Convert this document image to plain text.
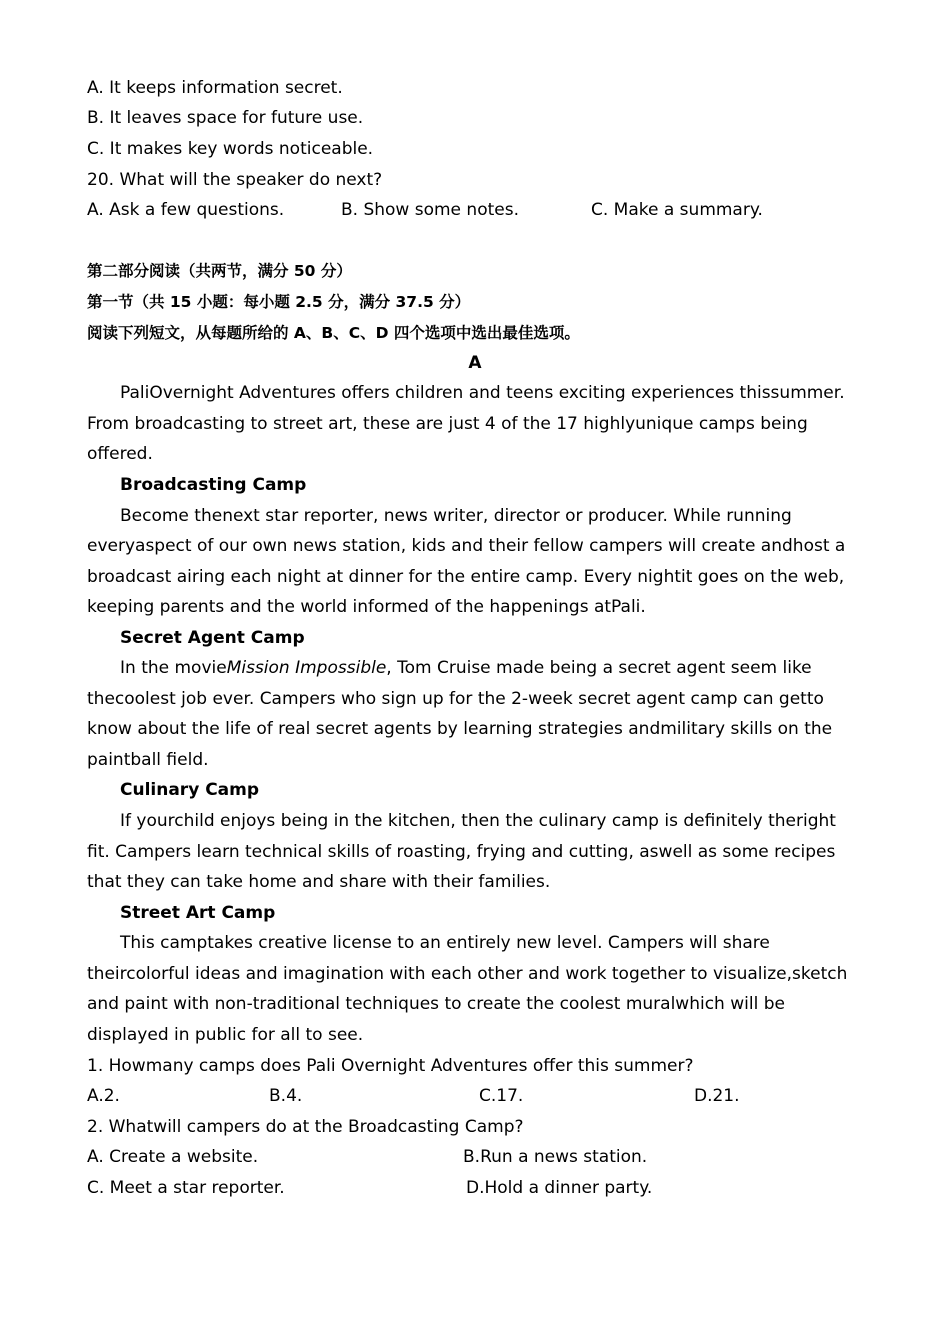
A. It keeps information secret.
B. It leaves space for future use.
C. It makes key words noticeable.
20. What will the speaker do next?
A. Ask a few questions.	B. Show some notes.	C. Make a summary.
第二部分阅读（共两节，满分 50 分）
第一节（共 15 小题：每小题 2.5 分，满分 37.5 分）
阅读下列短文，从每题所给的 A、B、C、D 四个选项中选出最佳选项。
A
PaliOvernight Adventures offers children and teens exciting experiences thissummer.
From broadcasting to street art, these are just 4 of the 17 highlyunique camps being
offered.
Broadcasting Camp
Become thenext star reporter, news writer, director or producer. While running
everyaspect of our own news station, kids and their fellow campers will create andhost a
broadcast airing each night at dinner for the entire camp. Every nightit goes on the web,
keeping parents and the world informed of the happenings atPali.
Secret Agent Camp
In the movieMission Impossible, Tom Cruise made being a secret agent seem like
thecoolest job ever. Campers who sign up for the 2-week secret agent camp can getto
know about the life of real secret agents by learning strategies andmilitary skills on the
paintball field.
Culinary Camp
If yourchild enjoys being in the kitchen, then the culinary camp is definitely theright
fit. Campers learn technical skills of roasting, frying and cutting, aswell as some recipes
that they can take home and share with their families.
Street Art Camp
This camptakes creative license to an entirely new level. Campers will share
theircolorful ideas and imagination with each other and work together to visualize,sketch
and paint with non-traditional techniques to create the coolest muralwhich will be
displayed in public for all to see.
1. Howmany camps does Pali Overnight Adventures offer this summer?
A.2.	B.4.	C.17.	D.21.
2. Whatwill campers do at the Broadcasting Camp?
A. Create a website.	B.Run a news station.
C. Meet a star reporter.	D.Hold a dinner party.
